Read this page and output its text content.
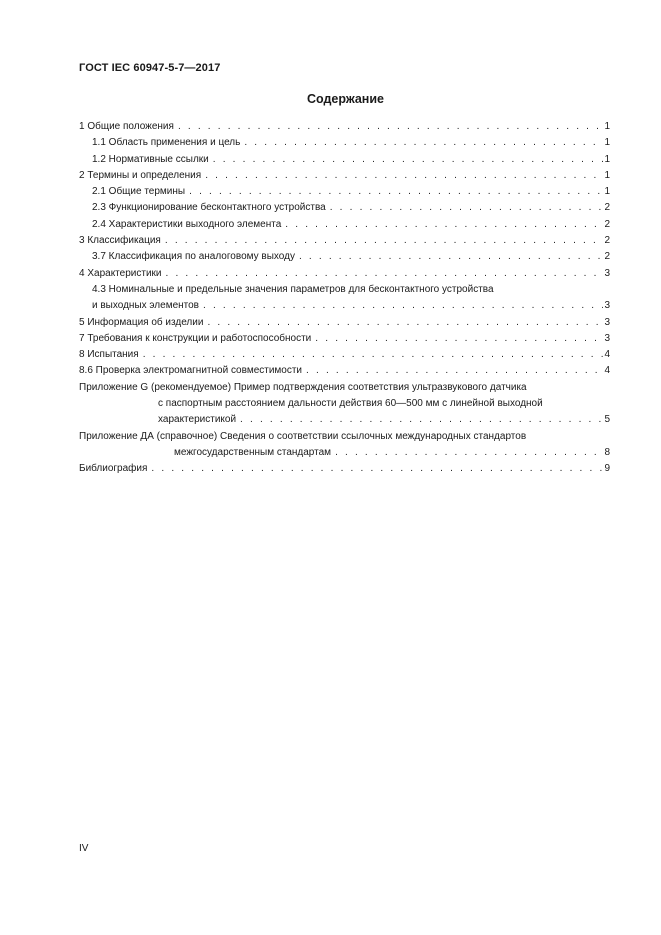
ГОСТ IEC 60947-5-7—2017
Содержание
1 Общие положения . . .	1
1.1 Область применения и цель . . .	1
1.2 Нормативные ссылки . . .	1
2 Термины и определения . . .	1
2.1 Общие термины . . .	1
2.3 Функционирование бесконтактного устройства . . .	2
2.4 Характеристики выходного элемента . . .	2
3 Классификация . . .	2
3.7 Классификация по аналоговому выходу . . .	2
4 Характеристики . . .	3
4.3 Номинальные и предельные значения параметров для бесконтактного устройства
и выходных элементов . . .	3
5 Информация об изделии . . .	3
7 Требования к конструкции и работоспособности . . .	3
8 Испытания . . .	4
8.6 Проверка электромагнитной совместимости . . .	4
Приложение G (рекомендуемое) Пример подтверждения соответствия ультразвукового датчика
с паспортным расстоянием дальности действия 60—500 мм с линейной выходной
характеристикой . . .	5
Приложение ДА (справочное) Сведения о соответствии ссылочных международных стандартов
межгосударственным стандартам . . .	8
Библиография . . .	9
IV
